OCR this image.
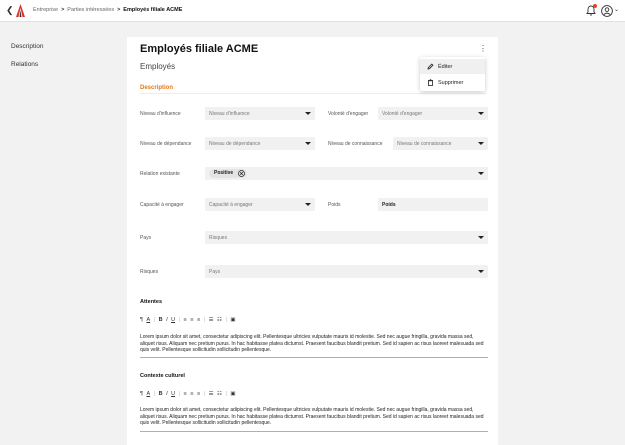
❮	Entreprise > Parties intéressées > Employés filiale ACME	⌄
Description
Relations
Employés filiale ACME
Employés
Description
⋮
Éditer
Supprimer
Niveau d'influence	Niveau d'influence	Volonté d'engager	Volonté d'engager
Niveau de dépendance	Niveau de dépendance	Niveau de connaissance	Niveau de connaissance
Relation existante	Positive
Capacité à engager	Capacité à engager	Poids	Poids
Pays	Risques
Risques	Pays
Attentes
¶ A | B I U | ≡ ≡ ≡ | ☰ ☷ | ▣
Lorem ipsum dolor sit amet, consectetur adipiscing elit. Pellentesque ultricies vulputate mauris id molestie. Sed nec augue fringilla, gravida massa sed, aliquet risus. Aliquam nec pretium purus. In hac habitasse platea dictumst. Praesent faucibus blandit pretium. Sed id sapien ac risus laoreet malesuada sed quis velit. Pellentesque sollicitudin sollicitudin pellentesque.
Contexte culturel
¶ A | B I U | ≡ ≡ ≡ | ☰ ☷ | ▣
Lorem ipsum dolor sit amet, consectetur adipiscing elit. Pellentesque ultricies vulputate mauris id molestie. Sed nec augue fringilla, gravida massa sed, aliquet risus. Aliquam nec pretium purus. In hac habitasse platea dictumst. Praesent faucibus blandit pretium. Sed id sapien ac risus laoreet malesuada sed quis velit. Pellentesque sollicitudin sollicitudin pellentesque.
